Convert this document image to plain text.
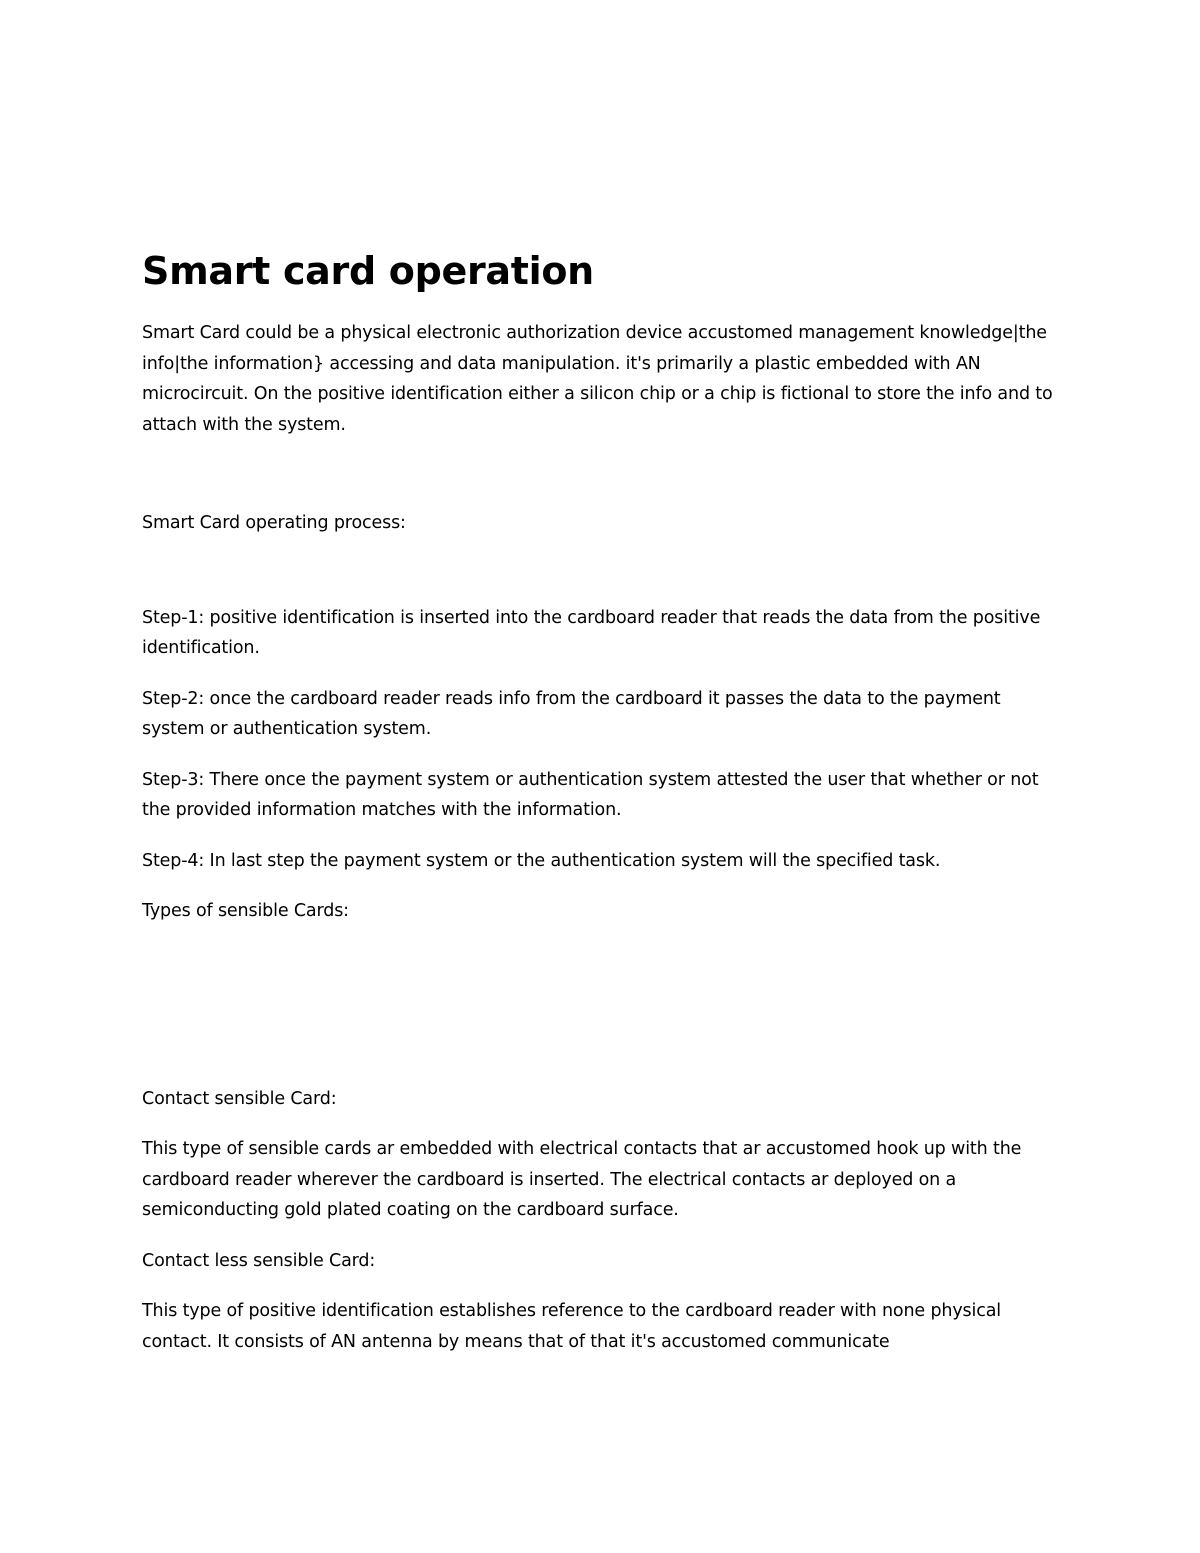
Smart card operation

Smart Card could be a physical electronic authorization device accustomed management knowledge|the info|the information} accessing and data manipulation. it's primarily a plastic embedded with AN microcircuit. On the positive identification either a silicon chip or a chip is fictional to store the info and to attach with the system.

Smart Card operating process:

Step-1: positive identification is inserted into the cardboard reader that reads the data from the positive identification.

Step-2: once the cardboard reader reads info from the cardboard it passes the data to the payment system or authentication system.

Step-3: There once the payment system or authentication system attested the user that whether or not the provided information matches with the information.

Step-4: In last step the payment system or the authentication system will the specified task.

Types of sensible Cards:

Contact sensible Card:

This type of sensible cards ar embedded with electrical contacts that ar accustomed hook up with the cardboard reader wherever the cardboard is inserted. The electrical contacts ar deployed on a semiconducting gold plated coating on the cardboard surface.

Contact less sensible Card:

This type of positive identification establishes reference to the cardboard reader with none physical contact. It consists of AN antenna by means that of that it's accustomed communicate
